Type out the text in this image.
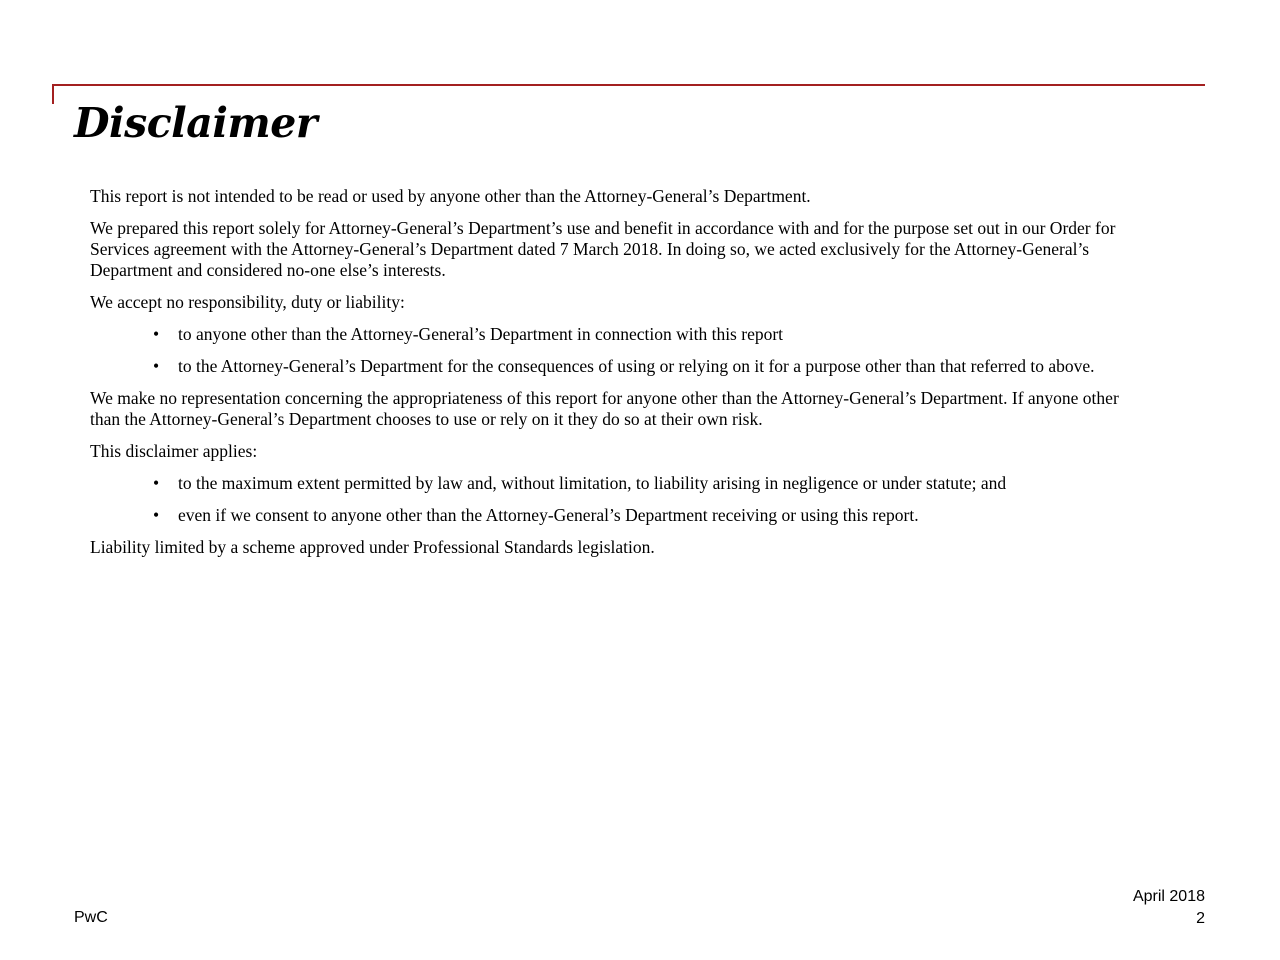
Disclaimer

This report is not intended to be read or used by anyone other than the Attorney-General’s Department.

We prepared this report solely for Attorney-General’s Department’s use and benefit in accordance with and for the purpose set out in our Order for Services agreement with the Attorney-General’s Department dated 7 March 2018. In doing so, we acted exclusively for the Attorney-General’s Department and considered no-one else’s interests.

We accept no responsibility, duty or liability:

• to anyone other than the Attorney-General’s Department in connection with this report
• to the Attorney-General’s Department for the consequences of using or relying on it for a purpose other than that referred to above.

We make no representation concerning the appropriateness of this report for anyone other than the Attorney-General’s Department. If anyone other than the Attorney-General’s Department chooses to use or rely on it they do so at their own risk.

This disclaimer applies:

• to the maximum extent permitted by law and, without limitation, to liability arising in negligence or under statute; and
• even if we consent to anyone other than the Attorney-General’s Department receiving or using this report.

Liability limited by a scheme approved under Professional Standards legislation.

PwC
April 2018
2
